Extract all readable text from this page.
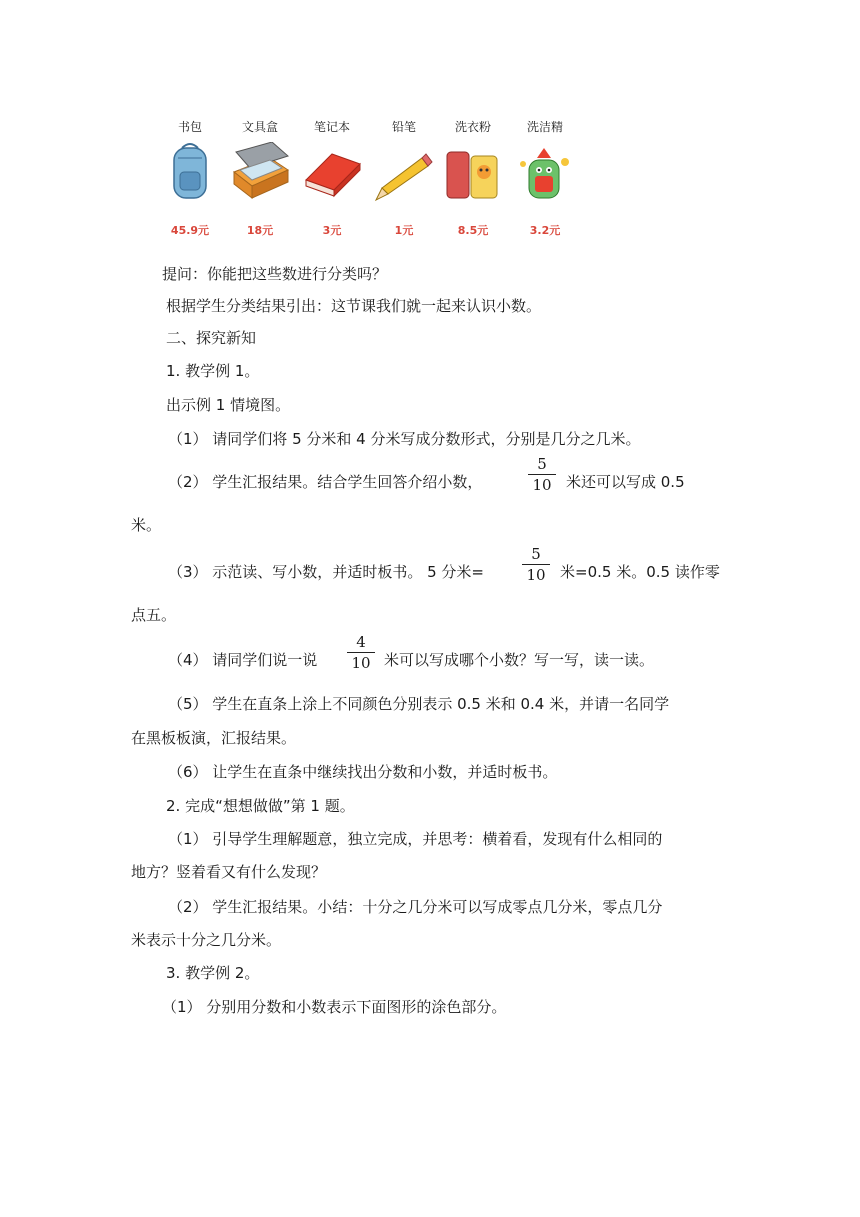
书包
45.9元
文具盒
18元
笔记本
3元
铅笔
1元
洗衣粉
8.5元
洗洁精
3.2元
提问：你能把这些数进行分类吗？
根据学生分类结果引出：这节课我们就一起来认识小数。
二、探究新知
1. 教学例 1。
出示例 1 情境图。
（1） 请同学们将 5 分米和 4 分米写成分数形式，分别是几分之几米。
（2） 学生汇报结果。结合学生回答介绍小数，
5
10 米还可以写成 0.5
米。
（3） 示范读、写小数，并适时板书。 5 分米=
5
10 米=0.5 米。0.5 读作零
点五。
（4） 请同学们说一说
4
10 米可以写成哪个小数？写一写，读一读。
（5） 学生在直条上涂上不同颜色分别表示 0.5 米和 0.4 米，并请一名同学
在黑板板演，汇报结果。
（6） 让学生在直条中继续找出分数和小数，并适时板书。
2. 完成“想想做做”第 1 题。
（1） 引导学生理解题意，独立完成，并思考：横着看，发现有什么相同的
地方？竖着看又有什么发现？
（2） 学生汇报结果。小结：十分之几分米可以写成零点几分米，零点几分
米表示十分之几分米。
3. 教学例 2。
（1） 分别用分数和小数表示下面图形的涂色部分。
